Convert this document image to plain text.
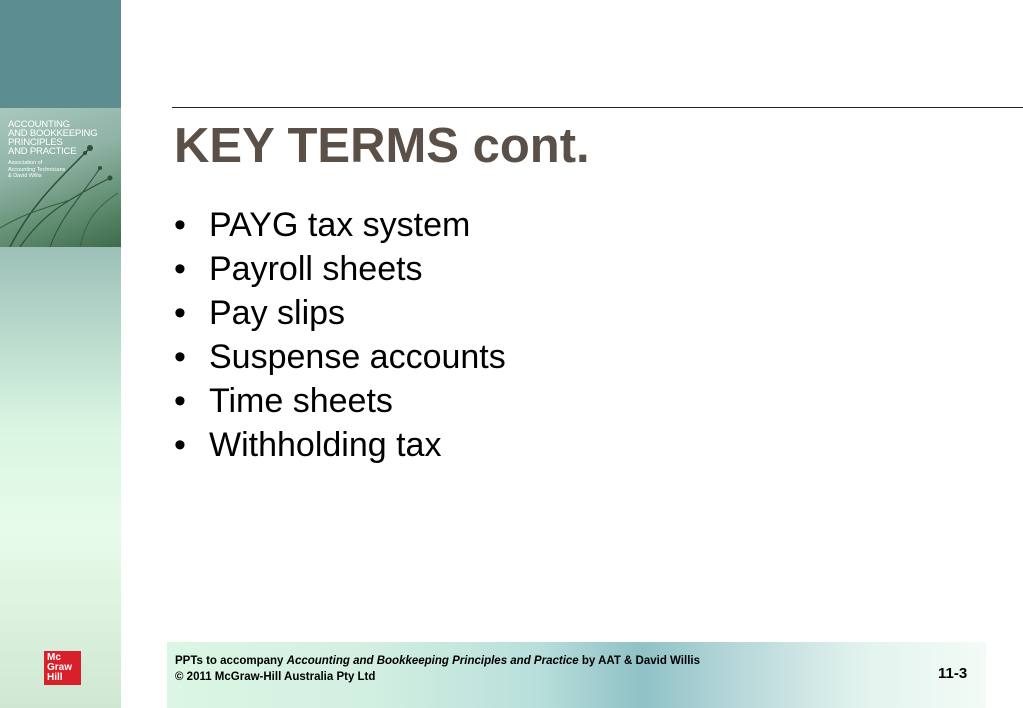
ACCOUNTING
AND BOOKKEEPING
PRINCIPLES
AND PRACTICE
Association of
Accounting Technicians
& David Willis
Mc
Graw
Hill
KEY TERMS cont.
• PAYG tax system
• Payroll sheets
• Pay slips
• Suspense accounts
• Time sheets
• Withholding tax
PPTs to accompany Accounting and Bookkeeping Principles and Practice by AAT & David Willis
© 2011 McGraw-Hill Australia Pty Ltd	11-3
